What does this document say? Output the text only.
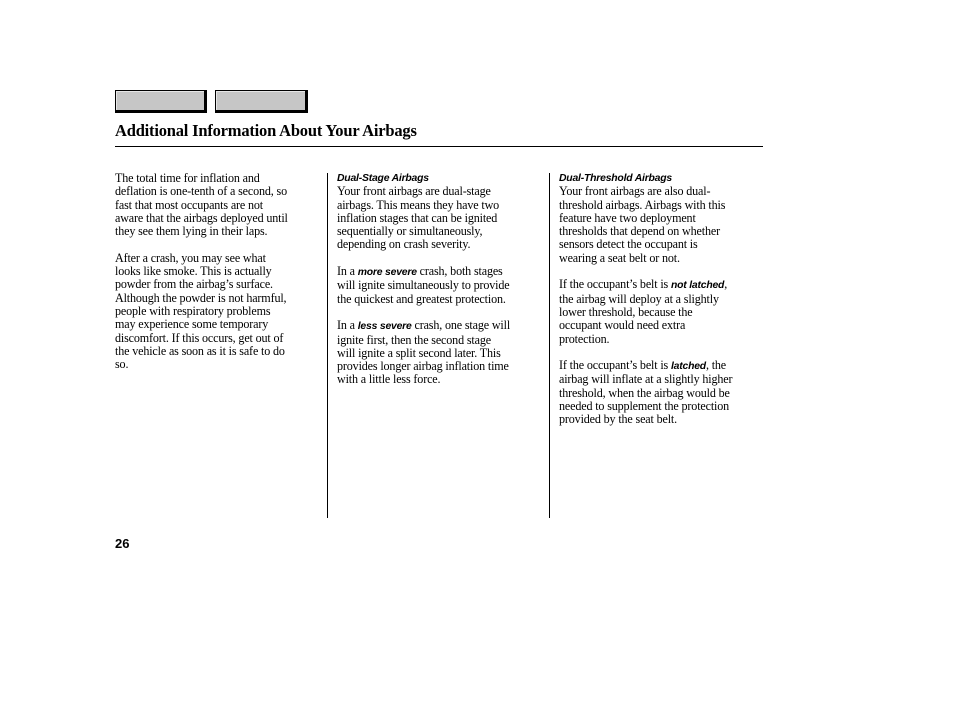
Additional Information About Your Airbags

The total time for inflation and
deflation is one-tenth of a second, so
fast that most occupants are not
aware that the airbags deployed until
they see them lying in their laps.

After a crash, you may see what
looks like smoke. This is actually
powder from the airbag’s surface.
Although the powder is not harmful,
people with respiratory problems
may experience some temporary
discomfort. If this occurs, get out of
the vehicle as soon as it is safe to do
so.

Dual-Stage Airbags
Your front airbags are dual-stage
airbags. This means they have two
inflation stages that can be ignited
sequentially or simultaneously,
depending on crash severity.

In a more severe crash, both stages
will ignite simultaneously to provide
the quickest and greatest protection.

In a less severe crash, one stage will
ignite first, then the second stage
will ignite a split second later. This
provides longer airbag inflation time
with a little less force.

Dual-Threshold Airbags
Your front airbags are also dual-
threshold airbags. Airbags with this
feature have two deployment
thresholds that depend on whether
sensors detect the occupant is
wearing a seat belt or not.

If the occupant’s belt is not latched,
the airbag will deploy at a slightly
lower threshold, because the
occupant would need extra
protection.

If the occupant’s belt is latched, the
airbag will inflate at a slightly higher
threshold, when the airbag would be
needed to supplement the protection
provided by the seat belt.

26
